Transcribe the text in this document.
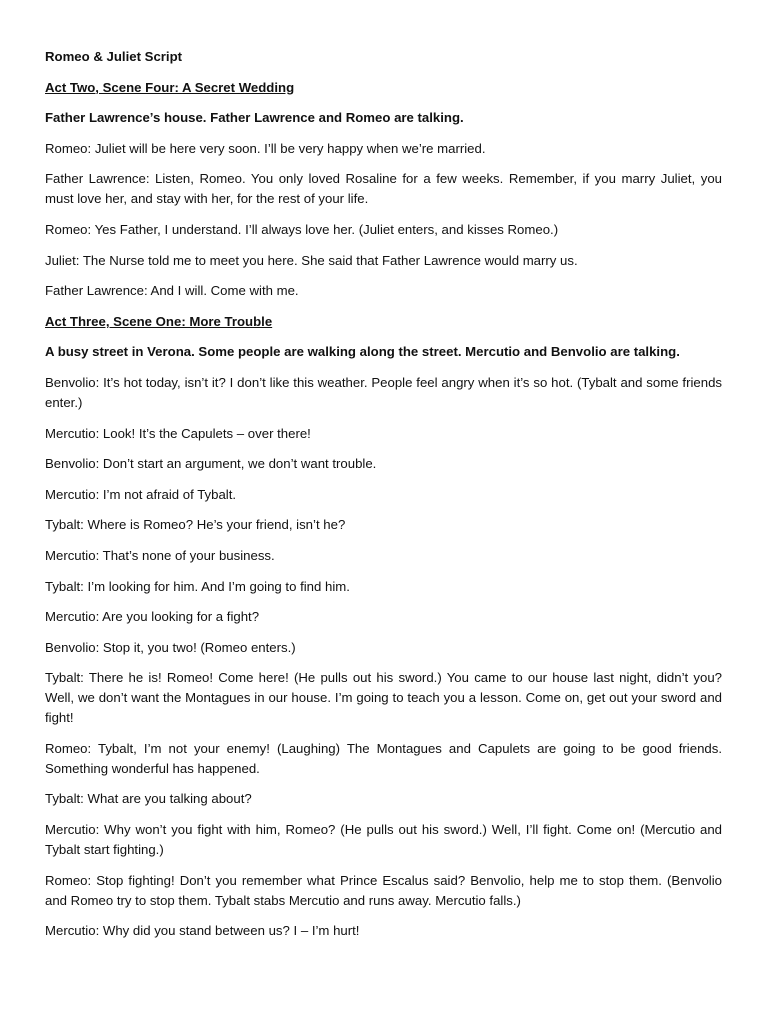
Romeo & Juliet Script

Act Two, Scene Four: A Secret Wedding

Father Lawrence’s house. Father Lawrence and Romeo are talking.

Romeo: Juliet will be here very soon. I’ll be very happy when we’re married.

Father Lawrence: Listen, Romeo. You only loved Rosaline for a few weeks. Remember, if you marry Juliet, you must love her, and stay with her, for the rest of your life.

Romeo: Yes Father, I understand. I’ll always love her. (Juliet enters, and kisses Romeo.)

Juliet: The Nurse told me to meet you here. She said that Father Lawrence would marry us.

Father Lawrence: And I will. Come with me.

Act Three, Scene One: More Trouble

A busy street in Verona. Some people are walking along the street. Mercutio and Benvolio are talking.

Benvolio: It’s hot today, isn’t it? I don’t like this weather. People feel angry when it’s so hot. (Tybalt and some friends enter.)

Mercutio: Look! It’s the Capulets – over there!

Benvolio: Don’t start an argument, we don’t want trouble.

Mercutio: I’m not afraid of Tybalt.

Tybalt: Where is Romeo? He’s your friend, isn’t he?

Mercutio: That’s none of your business.

Tybalt: I’m looking for him. And I’m going to find him.

Mercutio: Are you looking for a fight?

Benvolio: Stop it, you two! (Romeo enters.)

Tybalt: There he is! Romeo! Come here! (He pulls out his sword.) You came to our house last night, didn’t you? Well, we don’t want the Montagues in our house. I’m going to teach you a lesson. Come on, get out your sword and fight!

Romeo: Tybalt, I’m not your enemy! (Laughing) The Montagues and Capulets are going to be good friends. Something wonderful has happened.

Tybalt: What are you talking about?

Mercutio: Why won’t you fight with him, Romeo? (He pulls out his sword.) Well, I’ll fight. Come on! (Mercutio and Tybalt start fighting.)

Romeo: Stop fighting! Don’t you remember what Prince Escalus said? Benvolio, help me to stop them. (Benvolio and Romeo try to stop them. Tybalt stabs Mercutio and runs away. Mercutio falls.)

Mercutio: Why did you stand between us? I – I’m hurt!
